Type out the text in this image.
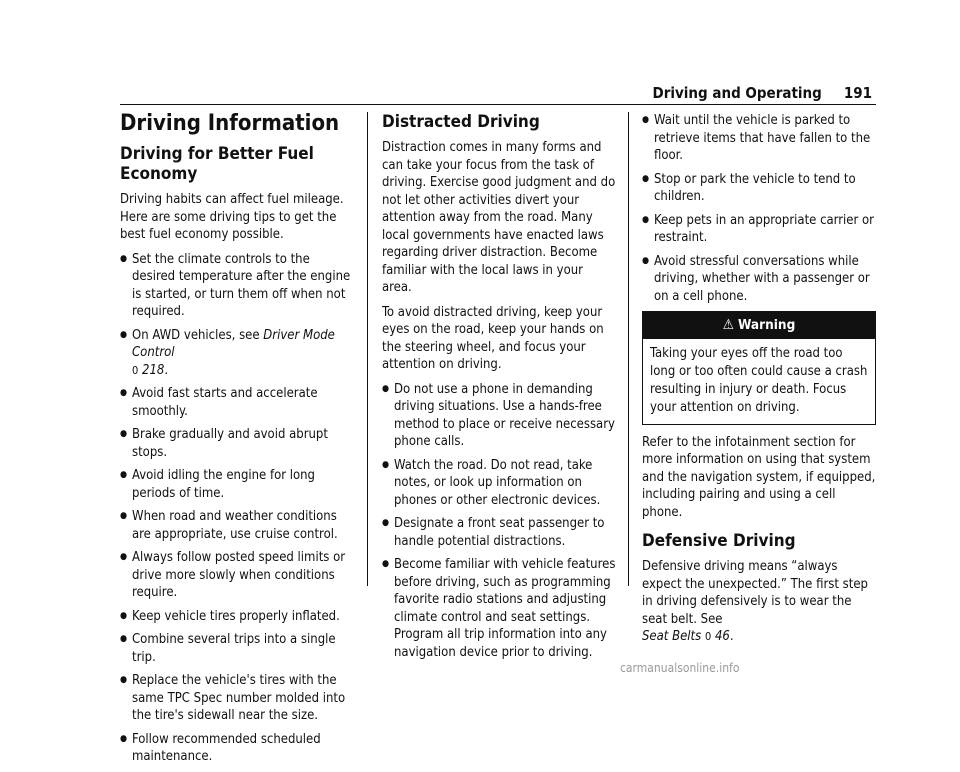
Driving and Operating 191
Driving Information
Driving for Better Fuel Economy

Driving habits can affect fuel mileage. Here are some driving tips to get the best fuel economy possible.

● Set the climate controls to the desired temperature after the engine is started, or turn them off when not required.
● On AWD vehicles, see Driver Mode Control
0 218.
● Avoid fast starts and accelerate smoothly.
● Brake gradually and avoid abrupt stops.
● Avoid idling the engine for long periods of time.
● When road and weather conditions are appropriate, use cruise control.
● Always follow posted speed limits or drive more slowly when conditions require.
● Keep vehicle tires properly inflated.
● Combine several trips into a single trip.
● Replace the vehicle's tires with the same TPC Spec number molded into the tire's sidewall near the size.
● Follow recommended scheduled maintenance.
Distracted Driving

Distraction comes in many forms and can take your focus from the task of driving. Exercise good judgment and do not let other activities divert your attention away from the road. Many local governments have enacted laws regarding driver distraction. Become familiar with the local laws in your area.

To avoid distracted driving, keep your eyes on the road, keep your hands on the steering wheel, and focus your attention on driving.

● Do not use a phone in demanding driving situations. Use a hands-free method to place or receive necessary phone calls.
● Watch the road. Do not read, take notes, or look up information on phones or other electronic devices.
● Designate a front seat passenger to handle potential distractions.
● Become familiar with vehicle features before driving, such as programming favorite radio stations and adjusting climate control and seat settings. Program all trip information into any navigation device prior to driving.
● Wait until the vehicle is parked to retrieve items that have fallen to the floor.
● Stop or park the vehicle to tend to children.
● Keep pets in an appropriate carrier or restraint.
● Avoid stressful conversations while driving, whether with a passenger or on a cell phone.
⚠ Warning
Taking your eyes off the road too long or too often could cause a crash resulting in injury or death. Focus your attention on driving.

Refer to the infotainment section for more information on using that system and the navigation system, if equipped, including pairing and using a cell phone.

Defensive Driving

Defensive driving means “always expect the unexpected.” The first step in driving defensively is to wear the seat belt. See
Seat Belts 0 46.

carmanualsonline.info
